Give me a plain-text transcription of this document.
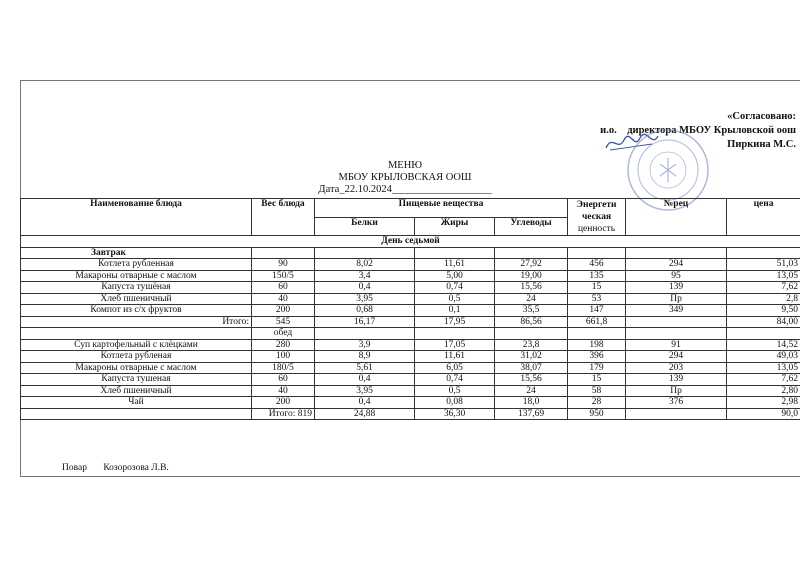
«Согласовано:
и.о. директора МБОУ Крыловской оош
Пиркина М.С.
МЕНЮ
МБОУ КРЫЛОВСКАЯ ООШ
Дата_22.10.2024___________________
Наименование блюда	Вес блюда	Пищевые вещества			Энергети
ческая
ценность	№рец	цена
		Белки	Жиры	Углеводы			
День седьмой							
Завтрак							
Котлета рубленная	90	8,02	11,61	27,92	456	294	51,03
Макароны отварные с маслом	150/5	3,4	5,00	19,00	135	95	13,05
Капуста тушёная	60	0,4	0,74	15,56	15	139	7,62
Хлеб пшеничный	40	3,95	0,5	24	53	Пр	2,8
Компот из с/х фруктов	200	0,68	0,1	35,5	147	349	9,50
Итого:	545	16,17	17,95	86,56	661,8		84,00
	обед						
Суп картофельный с клёцками	280	3,9	17,05	23,8	198	91	14,52
Котлета рубленая	100	8,9	11,61	31,02	396	294	49,03
Макароны отварные с маслом	180/5	5,61	6,05	38,07	179	203	13,05
Капуста тушеная	60	0,4	0,74	15,56	15	139	7,62
Хлеб пшеничный	40	3,95	0,5	24	58	Пр	2,80
Чай	200	0,4	0,08	18,0	28	376	2,98
	Итого: 819	24,88	36,30	137,69	950		90,0
Повар Козорозова Л.В.
